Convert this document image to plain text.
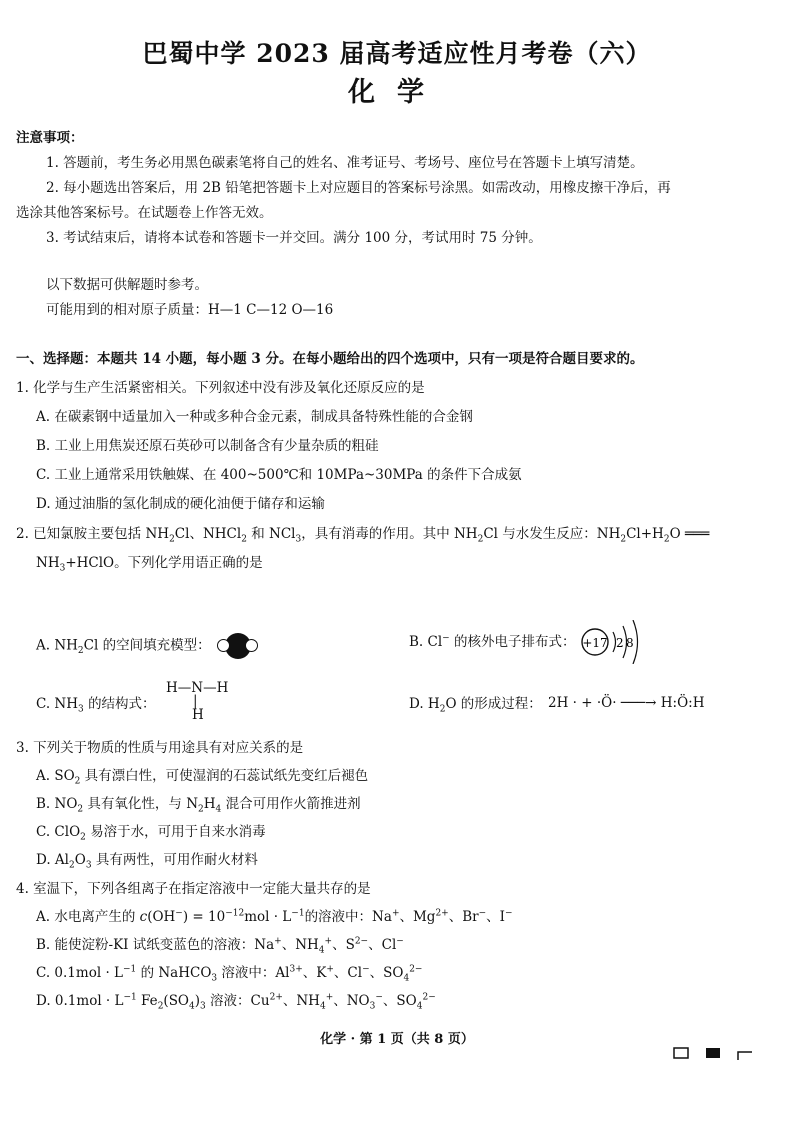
巴蜀中学 2023 届高考适应性月考卷（六）
化学
注意事项：
1. 答题前，考生务必用黑色碳素笔将自己的姓名、准考证号、考场号、座位号在答题卡上填写清楚。
2. 每小题选出答案后，用 2B 铅笔把答题卡上对应题目的答案标号涂黑。如需改动，用橡皮擦干净后，再
选涂其他答案标号。在试题卷上作答无效。
3. 考试结束后，请将本试卷和答题卡一并交回。满分 100 分，考试用时 75 分钟。
以下数据可供解题时参考。
可能用到的相对原子质量：H—1 C—12 O—16
一、选择题：本题共 14 小题，每小题 3 分。在每小题给出的四个选项中，只有一项是符合题目要求的。
1. 化学与生产生活紧密相关。下列叙述中没有涉及氧化还原反应的是
A. 在碳素钢中适量加入一种或多种合金元素，制成具备特殊性能的合金钢
B. 工业上用焦炭还原石英砂可以制备含有少量杂质的粗硅
C. 工业上通常采用铁触媒、在 400~500℃和 10MPa~30MPa 的条件下合成氨
D. 通过油脂的氢化制成的硬化油便于储存和运输
2. 已知氯胺主要包括 $NH_2Cl$、NHCl$_2$ 和 NCl$_3$，具有消毒的作用。其中 $NH_2Cl$ 与水发生反应：$NH_2Cl+H_2O$ ═══
$NH_3+HClO$。下列化学用语正确的是
A. $NH_2Cl$ 的空间填充模型：	B. Cl− 的核外电子排布式： +17 2 8
C. $NH_3$ 的结构式：
H—N—H
|
H
D. $H_2O$ 的形成过程： 2H · + ·Ö· ───→ H:Ö:H
3. 下列关于物质的性质与用途具有对应关系的是
A. $SO_2$ 具有漂白性，可使湿润的石蕊试纸先变红后褪色
B. $NO_2$ 具有氧化性，与 $N_2H_4$ 混合可用作火箭推进剂
C. ClO$_2$ 易溶于水，可用于自来水消毒
D. $Al_2O_3$ 具有两性，可用作耐火材料
4. 室温下，下列各组离子在指定溶液中一定能大量共存的是
A. 水电离产生的 $c(OH^-) = 10^{-12}mol \cdot L^{-1}$的溶液中：Na+、$Mg^{2+}$、Br−、I−
B. 能使淀粉-KI 试纸变蓝色的溶液：Na+、$NH_4^+$、$S^{2-}$、Cl−
C. $0.1mol \cdot L^{-1}$ 的 NaHCO$_3$ 溶液中：$Al^{3+}$、K+、Cl−、$SO_4^{2-}$
D. $0.1mol \cdot L^{-1}$ $Fe_2(SO_4)_3$ 溶液：$Cu^{2+}$、$NH_4^+$、$NO_3^-$、$SO_4^{2-}$
化学 · 第 1 页（共 8 页）
